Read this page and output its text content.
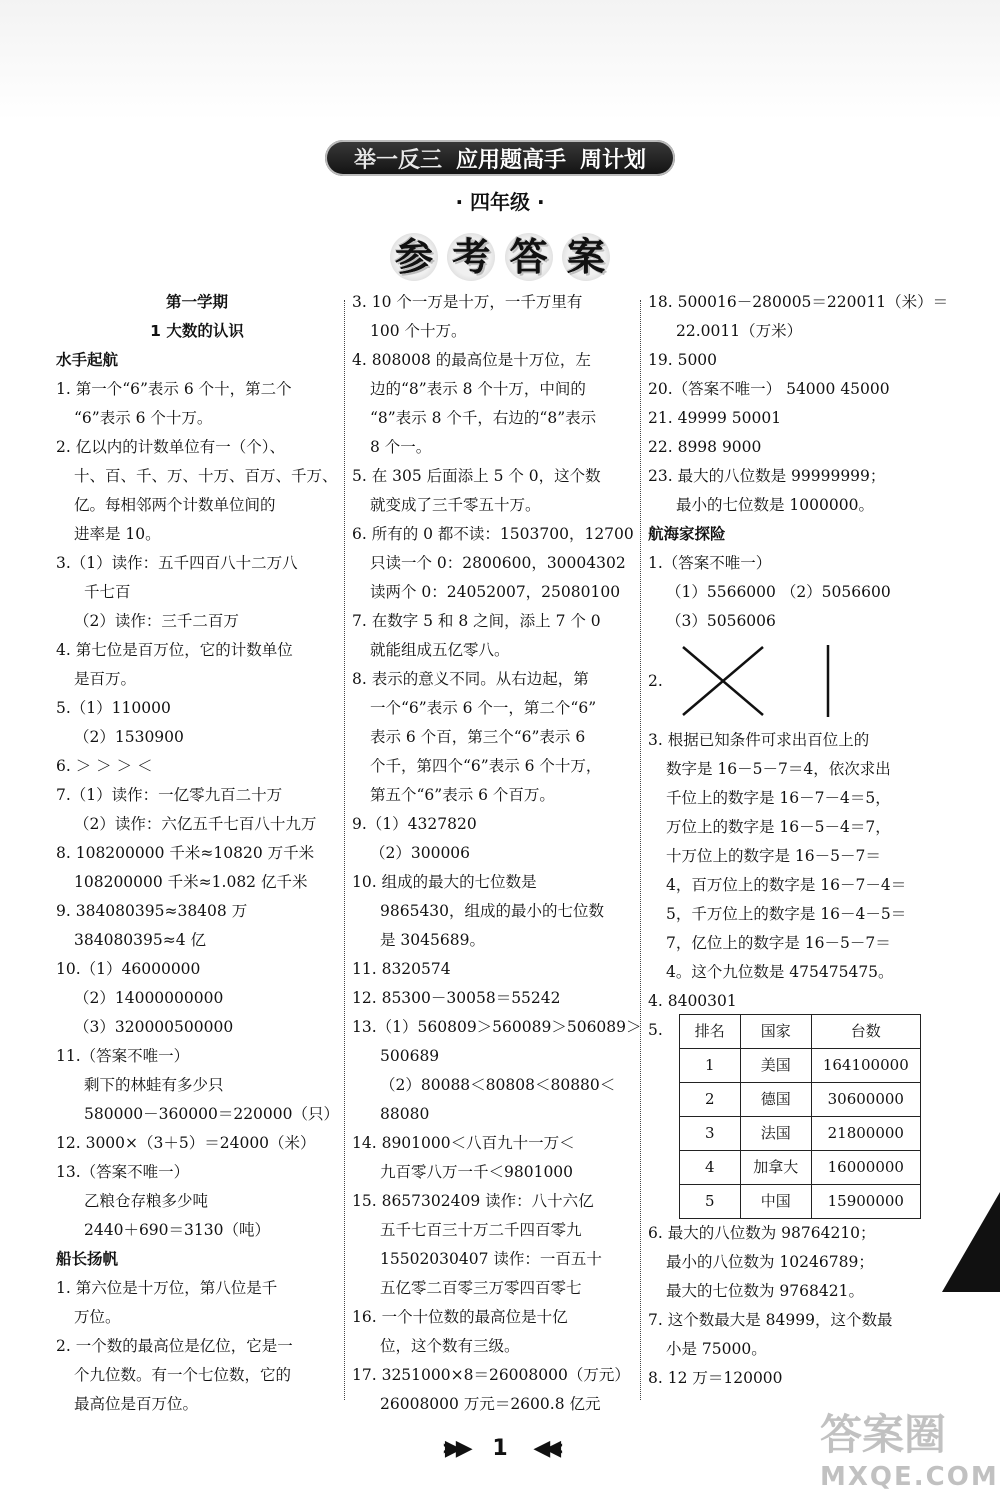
举一反三 应用题高手 周计划
· 四年级 ·
参 考 答 案
第一学期
1 大数的认识
水手起航
1. 第一个“6”表示 6 个十，第二个
“6”表示 6 个十万。
2. 亿以内的计数单位有一（个）、
十、百、千、万、十万、百万、千万、
亿。每相邻两个计数单位间的
进率是 10。
3.（1）读作：五千四百八十二万八
千七百
（2）读作：三千二百万
4. 第七位是百万位，它的计数单位
是百万。
5.（1）110000
（2）1530900
6. ＞ ＞ ＞ ＜
7.（1）读作：一亿零九百二十万
（2）读作：六亿五千七百八十九万
8. 108200000 千米≈10820 万千米
108200000 千米≈1.082 亿千米
9. 384080395≈38408 万
384080395≈4 亿
10.（1）46000000
（2）14000000000
（3）320000500000
11.（答案不唯一）
剩下的林蛙有多少只
580000－360000＝220000（只）
12. 3000×（3＋5）＝24000（米）
13.（答案不唯一）
乙粮仓存粮多少吨
2440＋690＝3130（吨）
船长扬帆
1. 第六位是十万位，第八位是千
万位。
2. 一个数的最高位是亿位，它是一
个九位数。有一个七位数，它的
最高位是百万位。
3. 10 个一万是十万，一千万里有
100 个十万。
4. 808008 的最高位是十万位，左
边的“8”表示 8 个十万，中间的
“8”表示 8 个千，右边的“8”表示
8 个一。
5. 在 305 后面添上 5 个 0，这个数
就变成了三千零五十万。
6. 所有的 0 都不读：1503700，12700
只读一个 0：2800600，30004302
读两个 0：24052007，25080100
7. 在数字 5 和 8 之间，添上 7 个 0
就能组成五亿零八。
8. 表示的意义不同。从右边起，第
一个“6”表示 6 个一，第二个“6”
表示 6 个百，第三个“6”表示 6
个千，第四个“6”表示 6 个十万，
第五个“6”表示 6 个百万。
9.（1）4327820
（2）300006
10. 组成的最大的七位数是
9865430，组成的最小的七位数
是 3045689。
11. 8320574
12. 85300－30058＝55242
13.（1）560809＞560089＞506089＞
500689
（2）80088＜80808＜80880＜
88080
14. 8901000＜八百九十一万＜
九百零八万一千＜9801000
15. 8657302409 读作：八十六亿
五千七百三十万二千四百零九
15502030407 读作：一百五十
五亿零二百零三万零四百零七
16. 一个十位数的最高位是十亿
位，这个数有三级。
17. 3251000×8＝26008000（万元）
26008000 万元＝2600.8 亿元
18. 500016－280005＝220011（米）＝
22.0011（万米）
19. 5000
20.（答案不唯一） 54000 45000
21. 49999 50001
22. 8998 9000
23. 最大的八位数是 99999999；
最小的七位数是 1000000。
航海家探险
1.（答案不唯一）
（1）5566000 （2）5056600
（3）5056006
2.
3. 根据已知条件可求出百位上的
数字是 16－5－7＝4，依次求出
千位上的数字是 16－7－4＝5，
万位上的数字是 16－5－4＝7，
十万位上的数字是 16－5－7＝
4，百万位上的数字是 16－7－4＝
5，千万位上的数字是 16－4－5＝
7，亿位上的数字是 16－5－7＝
4。这个九位数是 475475475。
4. 8400301
5. 排名	国家	台数
1	美国	164100000
2	德国	30600000
3	法国	21800000
4	加拿大	16000000
5	中国	15900000
6. 最大的八位数为 98764210；
最小的八位数为 10246789；
最大的七位数为 9768421。
7. 这个数最大是 84999，这个数最
小是 75000。
8. 12 万＝120000
›▶▶ 1 ◀◀‹	答案圈
MXQE.COM
